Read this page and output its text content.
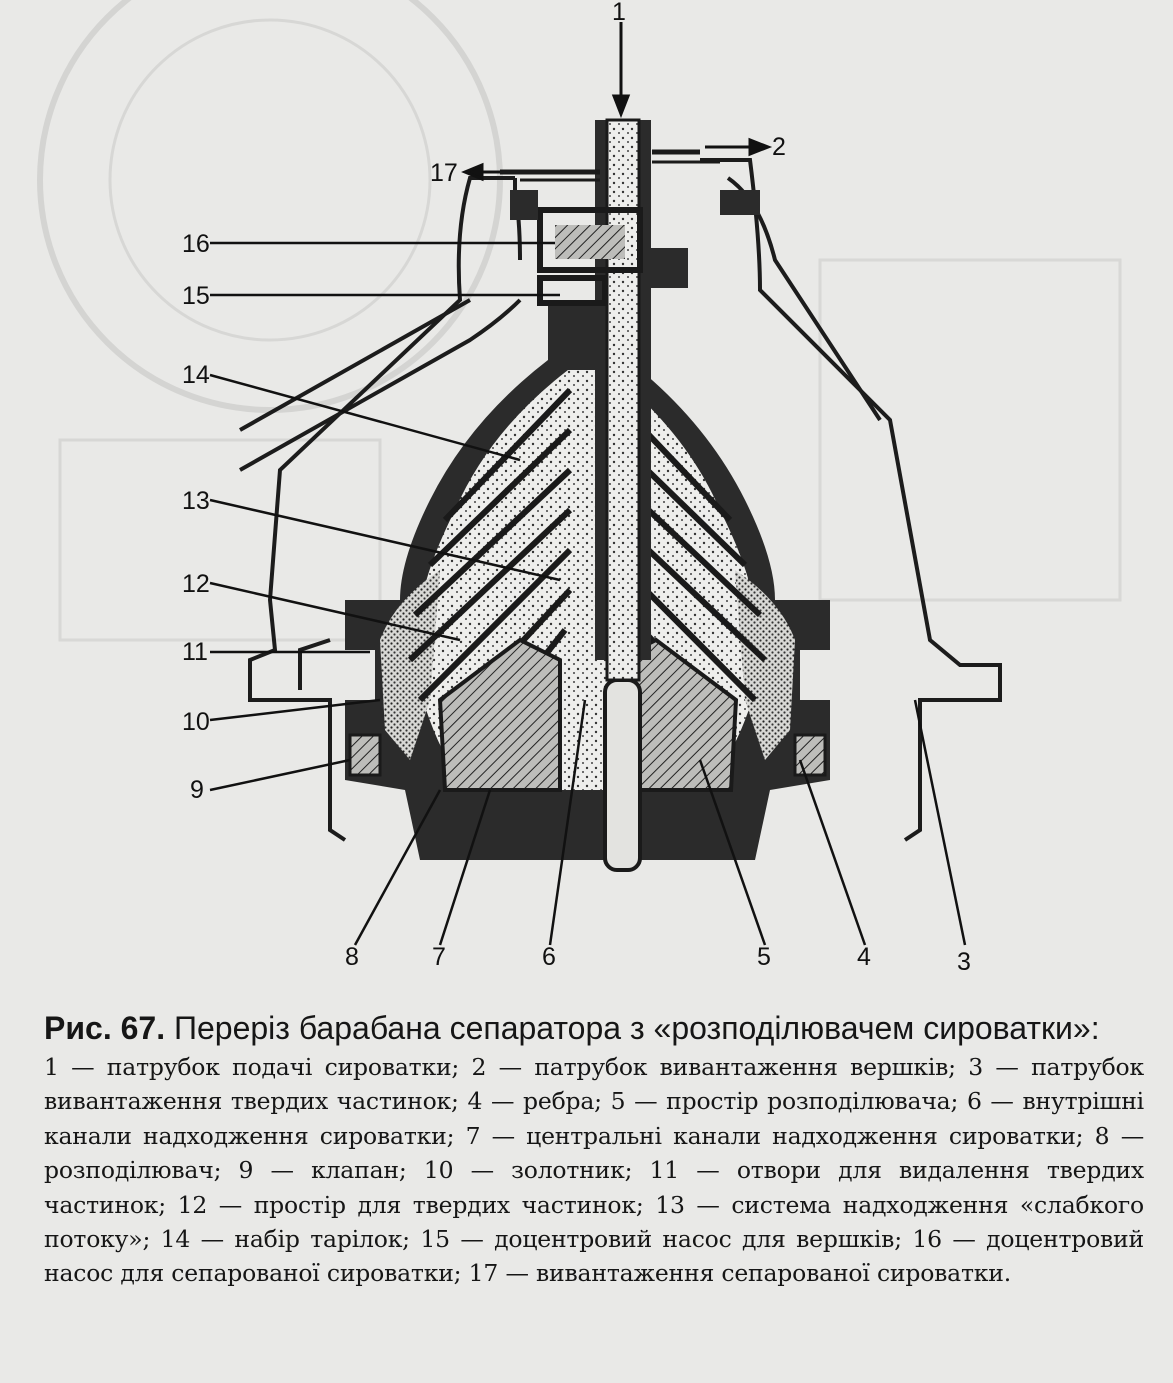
1
2
3
4
5
6
7
8
9
10
11
12
13
14
15
16
17

Рис. 67. Переріз барабана сепаратора з «розподілювачем сироватки»:

1 — патрубок подачі сироватки; 2 — патрубок вивантаження вершків; 3 — патрубок вивантаження твердих частинок; 4 — ребра; 5 — простір розподілювача; 6 — внутрішні канали надходження сироватки; 7 — центральні канали надходження сироватки; 8 — розподілювач; 9 — клапан; 10 — золотник; 11 — отвори для видалення твердих частинок; 12 — простір для твердих частинок; 13 — система надходження «слабкого потоку»; 14 — набір тарілок; 15 — доцентровий насос для вершків; 16 — доцентровий насос для сепарованої сироватки; 17 — вивантаження сепарованої сироватки.
